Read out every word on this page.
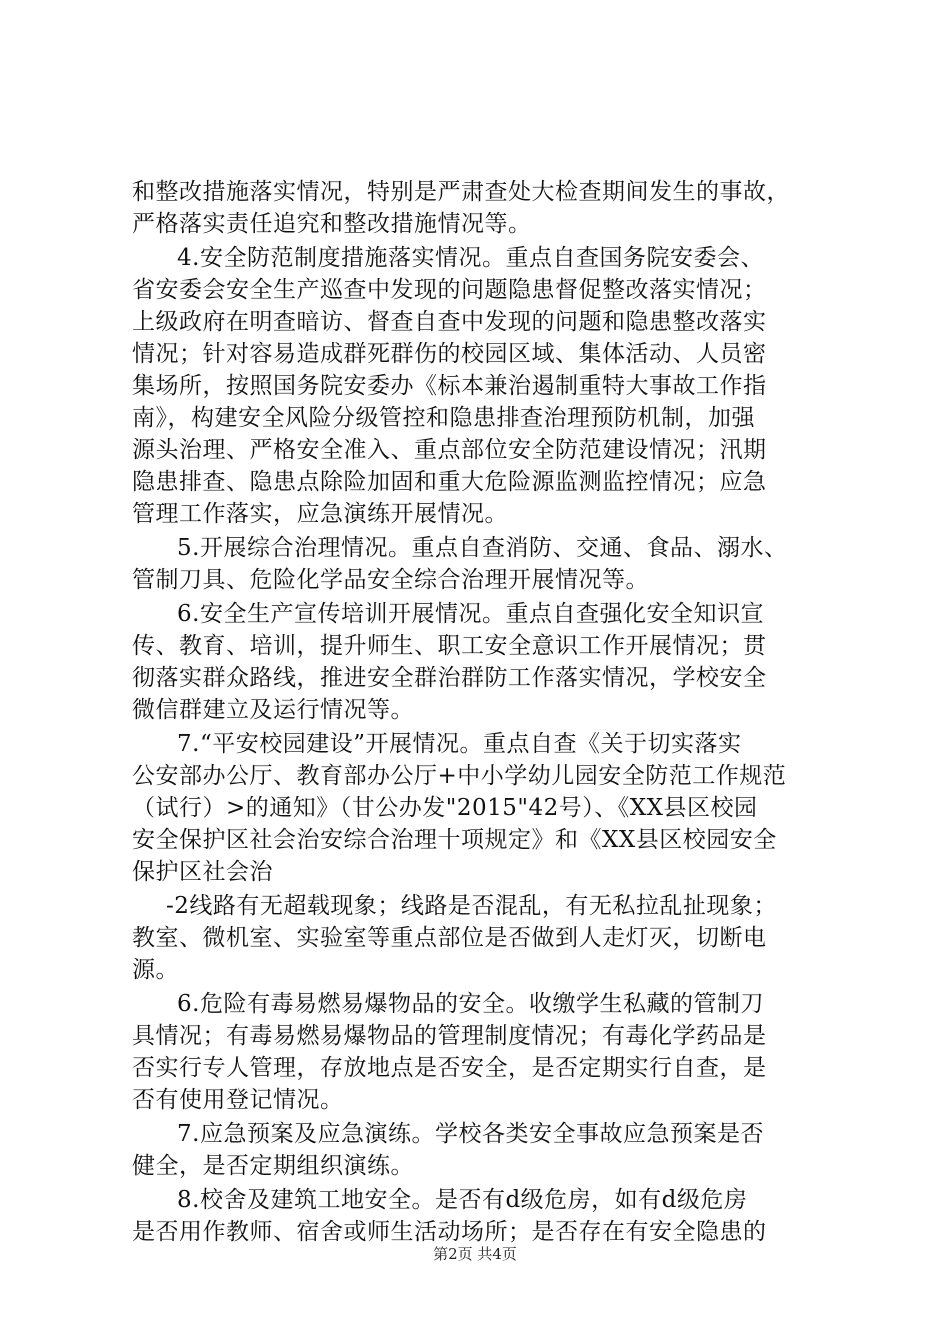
和整改措施落实情况，特别是严肃查处大检查期间发生的事故，
严格落实责任追究和整改措施情况等。
4.安全防范制度措施落实情况。重点自查国务院安委会、
省安委会安全生产巡查中发现的问题隐患督促整改落实情况；
上级政府在明查暗访、督查自查中发现的问题和隐患整改落实
情况；针对容易造成群死群伤的校园区域、集体活动、人员密
集场所，按照国务院安委办《标本兼治遏制重特大事故工作指
南》，构建安全风险分级管控和隐患排查治理预防机制，加强
源头治理、严格安全准入、重点部位安全防范建设情况；汛期
隐患排查、隐患点除险加固和重大危险源监测监控情况；应急
管理工作落实，应急演练开展情况。
5.开展综合治理情况。重点自查消防、交通、食品、溺水、
管制刀具、危险化学品安全综合治理开展情况等。
6.安全生产宣传培训开展情况。重点自查强化安全知识宣
传、教育、培训，提升师生、职工安全意识工作开展情况；贯
彻落实群众路线，推进安全群治群防工作落实情况，学校安全
微信群建立及运行情况等。
7.“平安校园建设”开展情况。重点自查《关于切实落实
公安部办公厅、教育部办公厅+中小学幼儿园安全防范工作规范
（试行）>的通知》（甘公办发"2015"42号）、《XX县区校园
安全保护区社会治安综合治理十项规定》和《XX县区校园安全
保护区社会治
-2线路有无超载现象；线路是否混乱，有无私拉乱扯现象；
教室、微机室、实验室等重点部位是否做到人走灯灭，切断电
源。
6.危险有毒易燃易爆物品的安全。收缴学生私藏的管制刀
具情况；有毒易燃易爆物品的管理制度情况；有毒化学药品是
否实行专人管理，存放地点是否安全，是否定期实行自查，是
否有使用登记情况。
7.应急预案及应急演练。学校各类安全事故应急预案是否
健全，是否定期组织演练。
8.校舍及建筑工地安全。是否有d级危房，如有d级危房
是否用作教师、宿舍或师生活动场所；是否存在有安全隐患的
第2页 共4页
